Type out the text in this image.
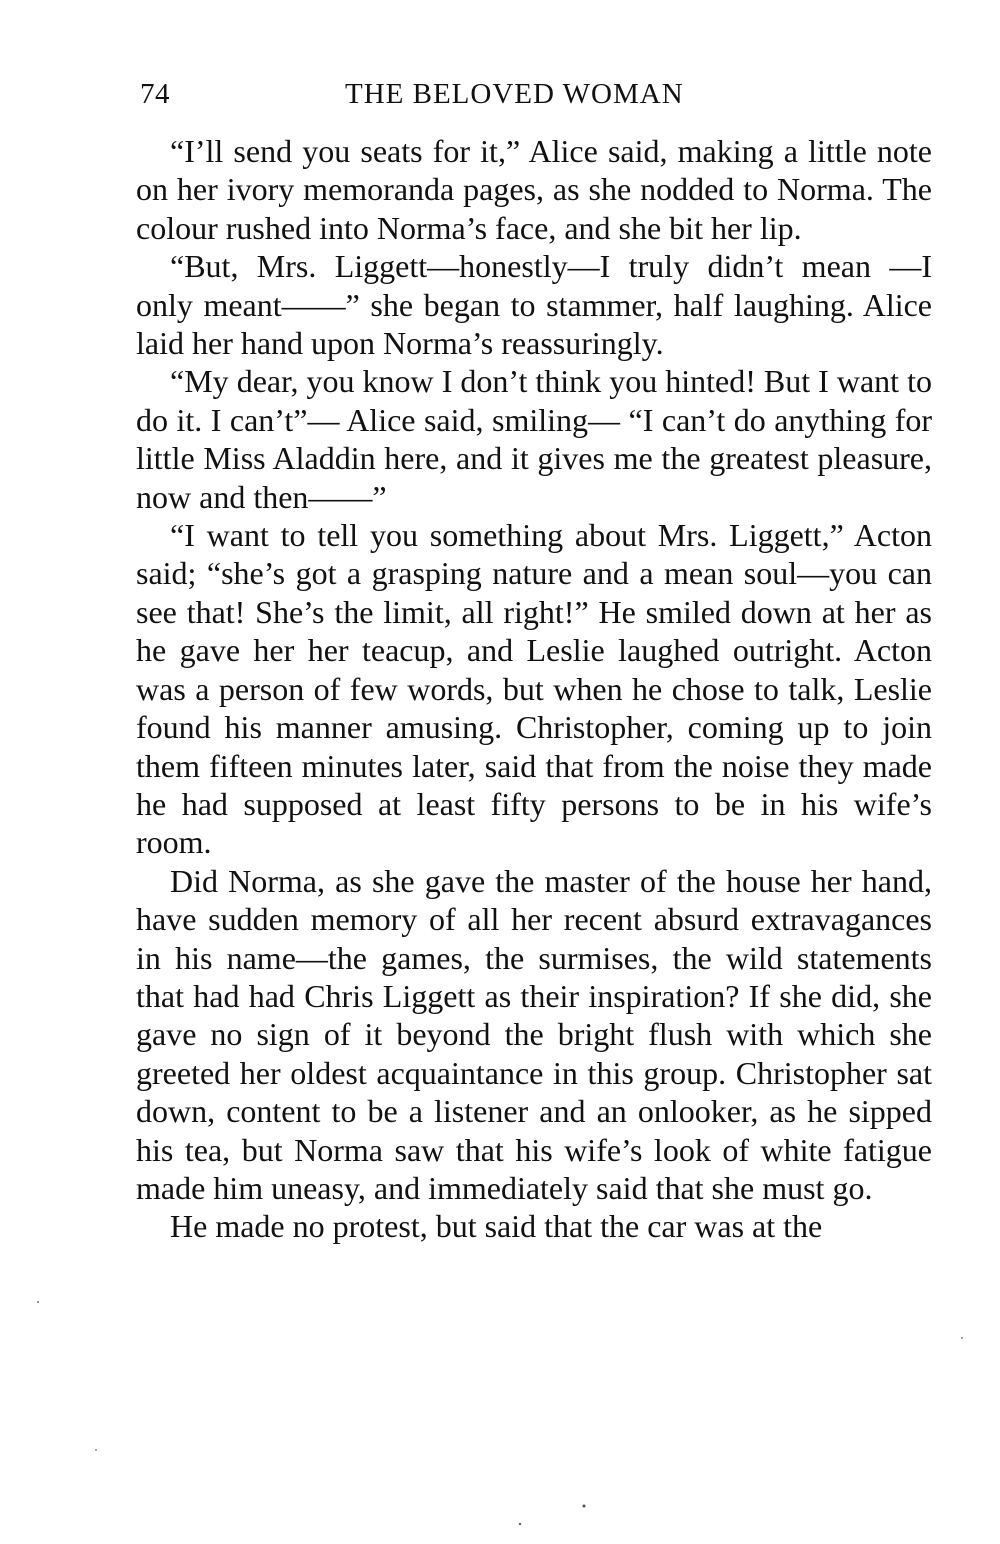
74	THE BELOVED WOMAN

“I’ll send you seats for it,” Alice said, making a little note on her ivory memoranda pages, as she nodded to Norma. The colour rushed into Norma’s face, and she bit her lip.

“But, Mrs. Liggett—honestly—I truly didn’t mean —I only meant——” she began to stammer, half laughing. Alice laid her hand upon Norma’s reassuringly.

“My dear, you know I don’t think you hinted! But I want to do it. I can’t”— Alice said, smiling— “I can’t do anything for little Miss Aladdin here, and it gives me the greatest pleasure, now and then——”

“I want to tell you something about Mrs. Liggett,” Acton said; “she’s got a grasping nature and a mean soul—you can see that! She’s the limit, all right!” He smiled down at her as he gave her her teacup, and Leslie laughed outright. Acton was a person of few words, but when he chose to talk, Leslie found his manner amusing. Christopher, coming up to join them fifteen minutes later, said that from the noise they made he had supposed at least fifty persons to be in his wife’s room.

Did Norma, as she gave the master of the house her hand, have sudden memory of all her recent absurd extravagances in his name—the games, the surmises, the wild statements that had had Chris Liggett as their inspiration? If she did, she gave no sign of it beyond the bright flush with which she greeted her oldest acquaintance in this group. Christopher sat down, content to be a listener and an onlooker, as he sipped his tea, but Norma saw that his wife’s look of white fatigue made him uneasy, and immediately said that she must go.

He made no protest, but said that the car was at the
